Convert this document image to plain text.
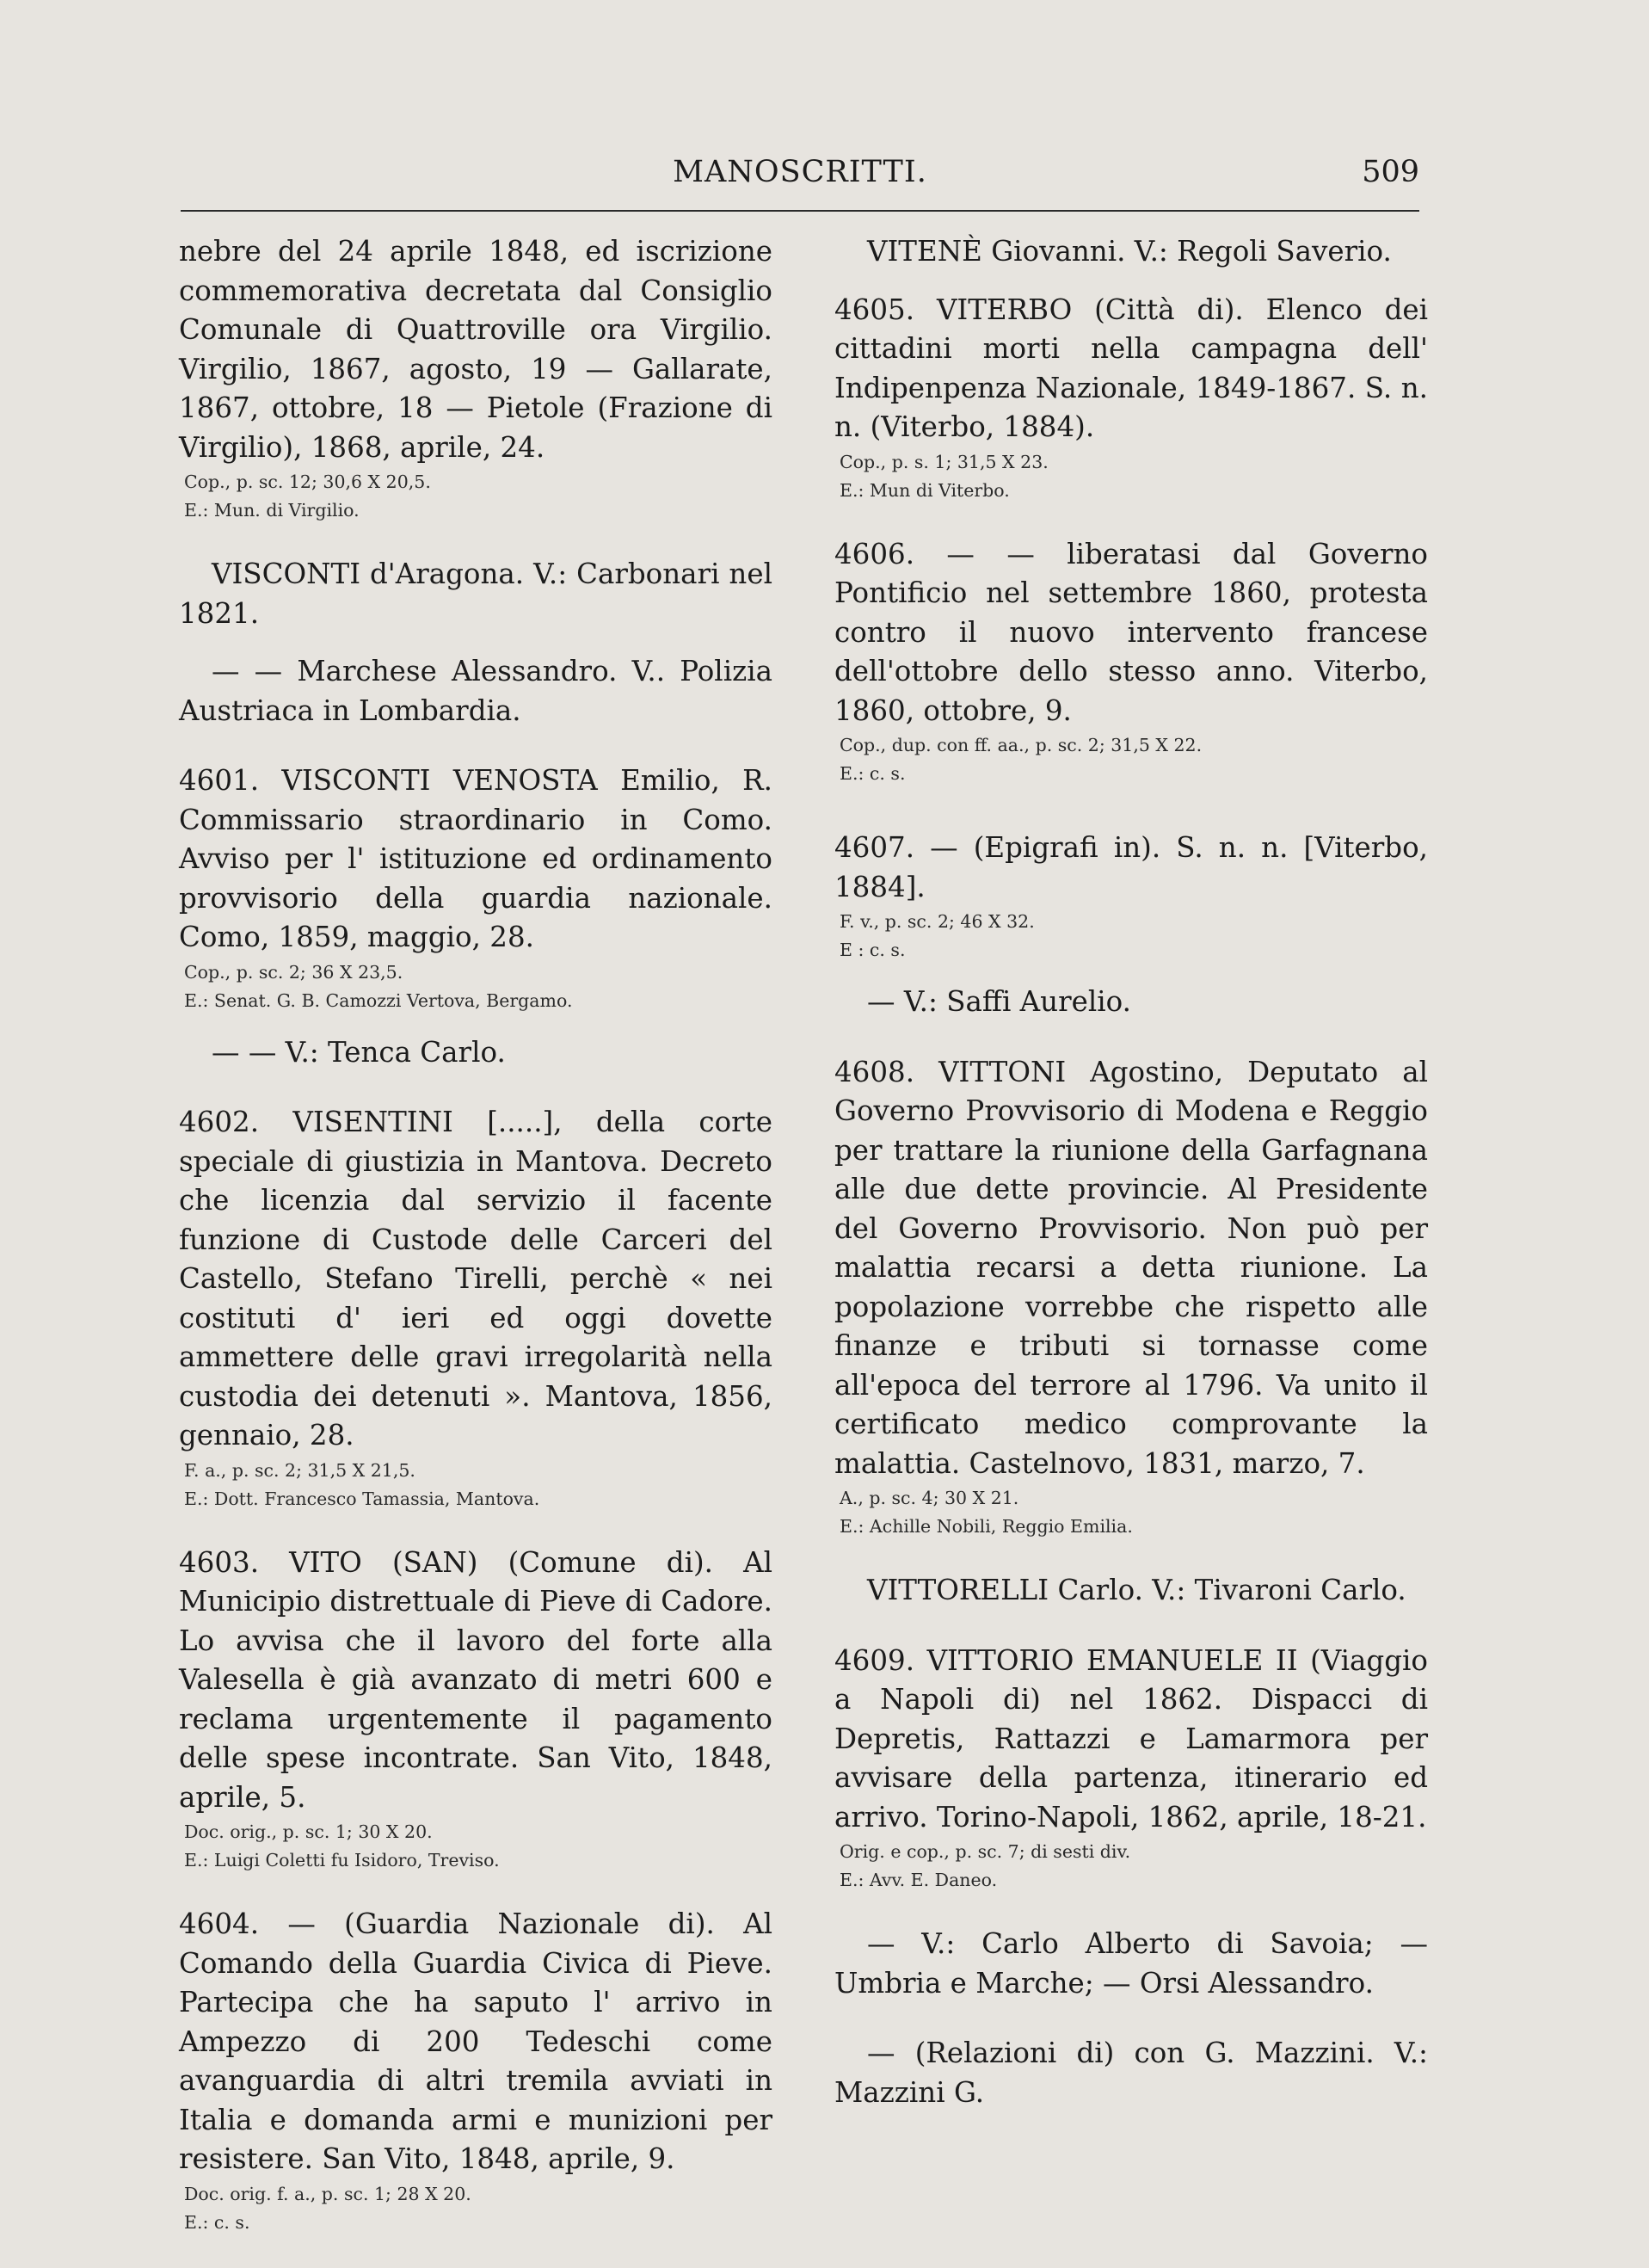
MANOSCRITTI.	509

nebre del 24 aprile 1848, ed iscrizione commemorativa decretata dal Consiglio Comunale di Quattroville ora Virgilio. Virgilio, 1867, agosto, 19 — Gallarate, 1867, ottobre, 18 — Pietole (Frazione di Virgilio), 1868, aprile, 24.

Cop., p. sc. 12; 30,6 X 20,5.
E.: Mun. di Virgilio.

VISCONTI d'Aragona. V.: Carbonari nel 1821.

— — Marchese Alessandro. V.. Polizia Austriaca in Lombardia.

4601. VISCONTI VENOSTA Emilio, R. Commissario straordinario in Como. Avviso per l' istituzione ed ordinamento provvisorio della guardia nazionale. Como, 1859, maggio, 28.

Cop., p. sc. 2; 36 X 23,5.
E.: Senat. G. B. Camozzi Vertova, Bergamo.

— — V.: Tenca Carlo.

4602. VISENTINI [.....], della corte speciale di giustizia in Mantova. Decreto che licenzia dal servizio il facente funzione di Custode delle Carceri del Castello, Stefano Tirelli, perchè « nei costituti d' ieri ed oggi dovette ammettere delle gravi irregolarità nella custodia dei detenuti ». Mantova, 1856, gennaio, 28.

F. a., p. sc. 2; 31,5 X 21,5.
E.: Dott. Francesco Tamassia, Mantova.

4603. VITO (SAN) (Comune di). Al Municipio distrettuale di Pieve di Cadore. Lo avvisa che il lavoro del forte alla Valesella è già avanzato di metri 600 e reclama urgentemente il pagamento delle spese incontrate. San Vito, 1848, aprile, 5.

Doc. orig., p. sc. 1; 30 X 20.
E.: Luigi Coletti fu Isidoro, Treviso.

4604. — (Guardia Nazionale di). Al Comando della Guardia Civica di Pieve. Partecipa che ha saputo l' arrivo in Ampezzo di 200 Tedeschi come avanguardia di altri tremila avviati in Italia e domanda armi e munizioni per resistere. San Vito, 1848, aprile, 9.

Doc. orig. f. a., p. sc. 1; 28 X 20.
E.: c. s.

VITENÈ Giovanni. V.: Regoli Saverio.

4605. VITERBO (Città di). Elenco dei cittadini morti nella campagna dell' Indipenpenza Nazionale, 1849-1867. S. n. n. (Viterbo, 1884).

Cop., p. s. 1; 31,5 X 23.
E.: Mun di Viterbo.

4606. — — liberatasi dal Governo Pontificio nel settembre 1860, protesta contro il nuovo intervento francese dell'ottobre dello stesso anno. Viterbo, 1860, ottobre, 9.

Cop., dup. con ff. aa., p. sc. 2; 31,5 X 22.
E.: c. s.

4607. — (Epigrafi in). S. n. n. [Viterbo, 1884].

F. v., p. sc. 2; 46 X 32.
E : c. s.

— V.: Saffi Aurelio.

4608. VITTONI Agostino, Deputato al Governo Provvisorio di Modena e Reggio per trattare la riunione della Garfagnana alle due dette provincie. Al Presidente del Governo Provvisorio. Non può per malattia recarsi a detta riunione. La popolazione vorrebbe che rispetto alle finanze e tributi si tornasse come all'epoca del terrore al 1796. Va unito il certificato medico comprovante la malattia. Castelnovo, 1831, marzo, 7.

A., p. sc. 4; 30 X 21.
E.: Achille Nobili, Reggio Emilia.

VITTORELLI Carlo. V.: Tivaroni Carlo.

4609. VITTORIO EMANUELE II (Viaggio a Napoli di) nel 1862. Dispacci di Depretis, Rattazzi e Lamarmora per avvisare della partenza, itinerario ed arrivo. Torino-Napoli, 1862, aprile, 18-21.

Orig. e cop., p. sc. 7; di sesti div.
E.: Avv. E. Daneo.

— V.: Carlo Alberto di Savoia; — Umbria e Marche; — Orsi Alessandro.

— (Relazioni di) con G. Mazzini. V.: Mazzini G.
